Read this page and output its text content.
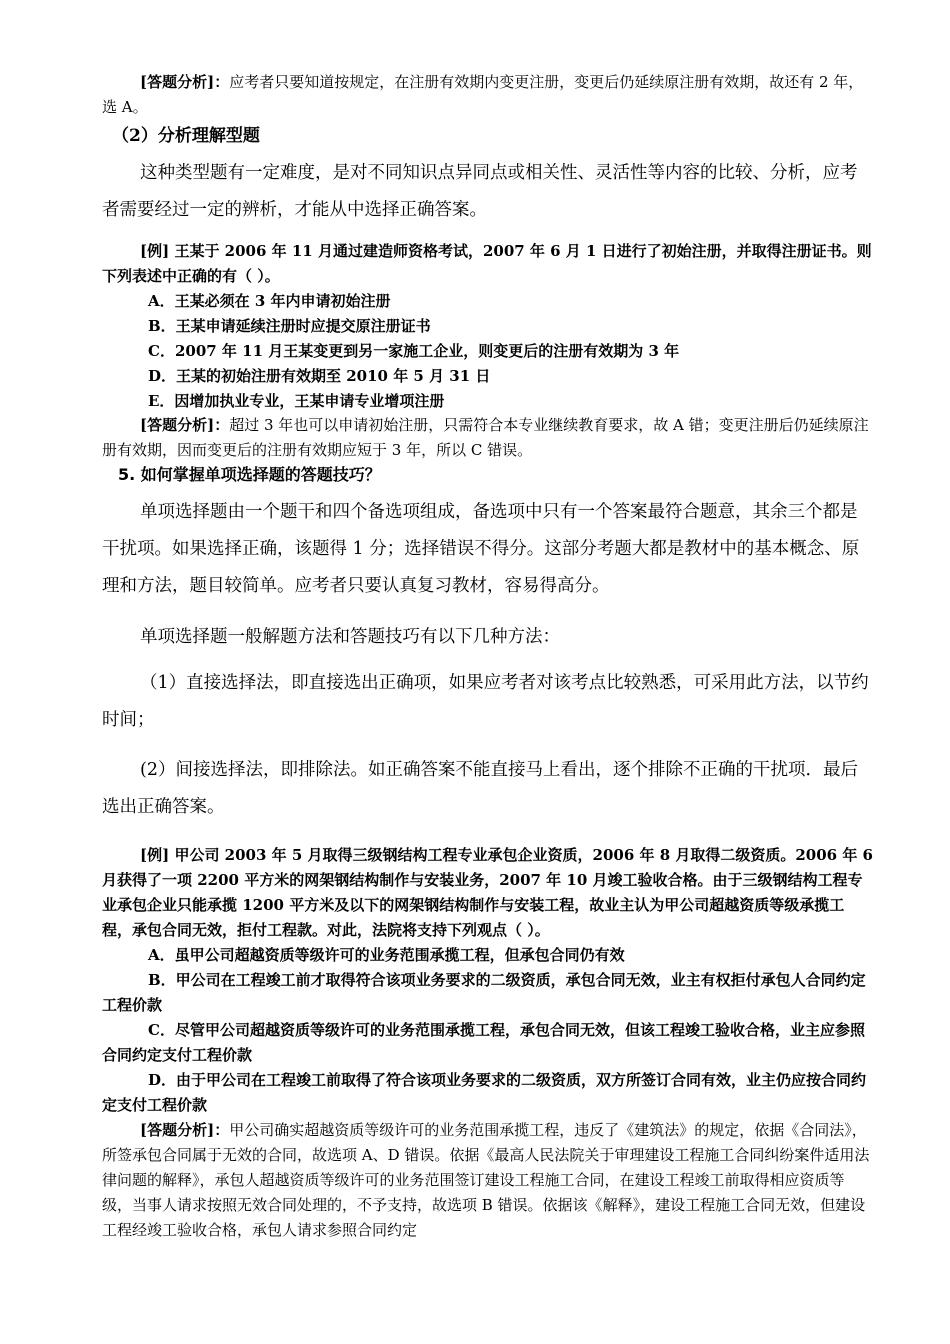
[答题分析]：应考者只要知道按规定，在注册有效期内变更注册，变更后仍延续原注册有效期，故还有 2 年，选 A。

（2）分析理解型题

这种类型题有一定难度，是对不同知识点异同点或相关性、灵活性等内容的比较、分析，应考者需要经过一定的辨析，才能从中选择正确答案。

[例] 王某于 2006 年 11 月通过建造师资格考试，2007 年 6 月 1 日进行了初始注册，并取得注册证书。则下列表述中正确的有（ ）。

A．王某必须在 3 年内申请初始注册

B．王某申请延续注册时应提交原注册证书

C．2007 年 11 月王某变更到另一家施工企业，则变更后的注册有效期为 3 年

D．王某的初始注册有效期至 2010 年 5 月 31 日

E．因增加执业专业，王某申请专业增项注册

[答题分析]：超过 3 年也可以申请初始注册，只需符合本专业继续教育要求，故 A 错；变更注册后仍延续原注册有效期，因而变更后的注册有效期应短于 3 年，所以 C 错误。

5. 如何掌握单项选择题的答题技巧？

单项选择题由一个题干和四个备选项组成，备选项中只有一个答案最符合题意，其余三个都是干扰项。如果选择正确，该题得 1 分；选择错误不得分。这部分考题大都是教材中的基本概念、原理和方法，题目较简单。应考者只要认真复习教材，容易得高分。

单项选择题一般解题方法和答题技巧有以下几种方法：

（1）直接选择法，即直接选出正确项，如果应考者对该考点比较熟悉，可采用此方法，以节约时间；

(2）间接选择法，即排除法。如正确答案不能直接马上看出，逐个排除不正确的干扰项．最后选出正确答案。

[例] 甲公司 2003 年 5 月取得三级钢结构工程专业承包企业资质，2006 年 8 月取得二级资质。2006 年 6 月获得了一项 2200 平方米的网架钢结构制作与安装业务，2007 年 10 月竣工验收合格。由于三级钢结构工程专业承包企业只能承揽 1200 平方米及以下的网架钢结构制作与安装工程，故业主认为甲公司超越资质等级承揽工程，承包合同无效，拒付工程款。对此，法院将支持下列观点（ ）。

A．虽甲公司超越资质等级许可的业务范围承揽工程，但承包合同仍有效

B．甲公司在工程竣工前才取得符合该项业务要求的二级资质，承包合同无效，业主有权拒付承包人合同约定工程价款

C．尽管甲公司超越资质等级许可的业务范围承揽工程，承包合同无效，但该工程竣工验收合格，业主应参照合同约定支付工程价款

D．由于甲公司在工程竣工前取得了符合该项业务要求的二级资质，双方所签订合同有效，业主仍应按合同约定支付工程价款

[答题分析]：甲公司确实超越资质等级许可的业务范围承揽工程，违反了《建筑法》的规定，依据《合同法》，所签承包合同属于无效的合同，故选项 A、D 错误。依据《最高人民法院关于审理建设工程施工合同纠纷案件适用法律问题的解释》，承包人超越资质等级许可的业务范围签订建设工程施工合同，在建设工程竣工前取得相应资质等级，当事人请求按照无效合同处理的，不予支持，故选项 B 错误。依据该《解释》，建设工程施工合同无效，但建设工程经竣工验收合格，承包人请求参照合同约定
